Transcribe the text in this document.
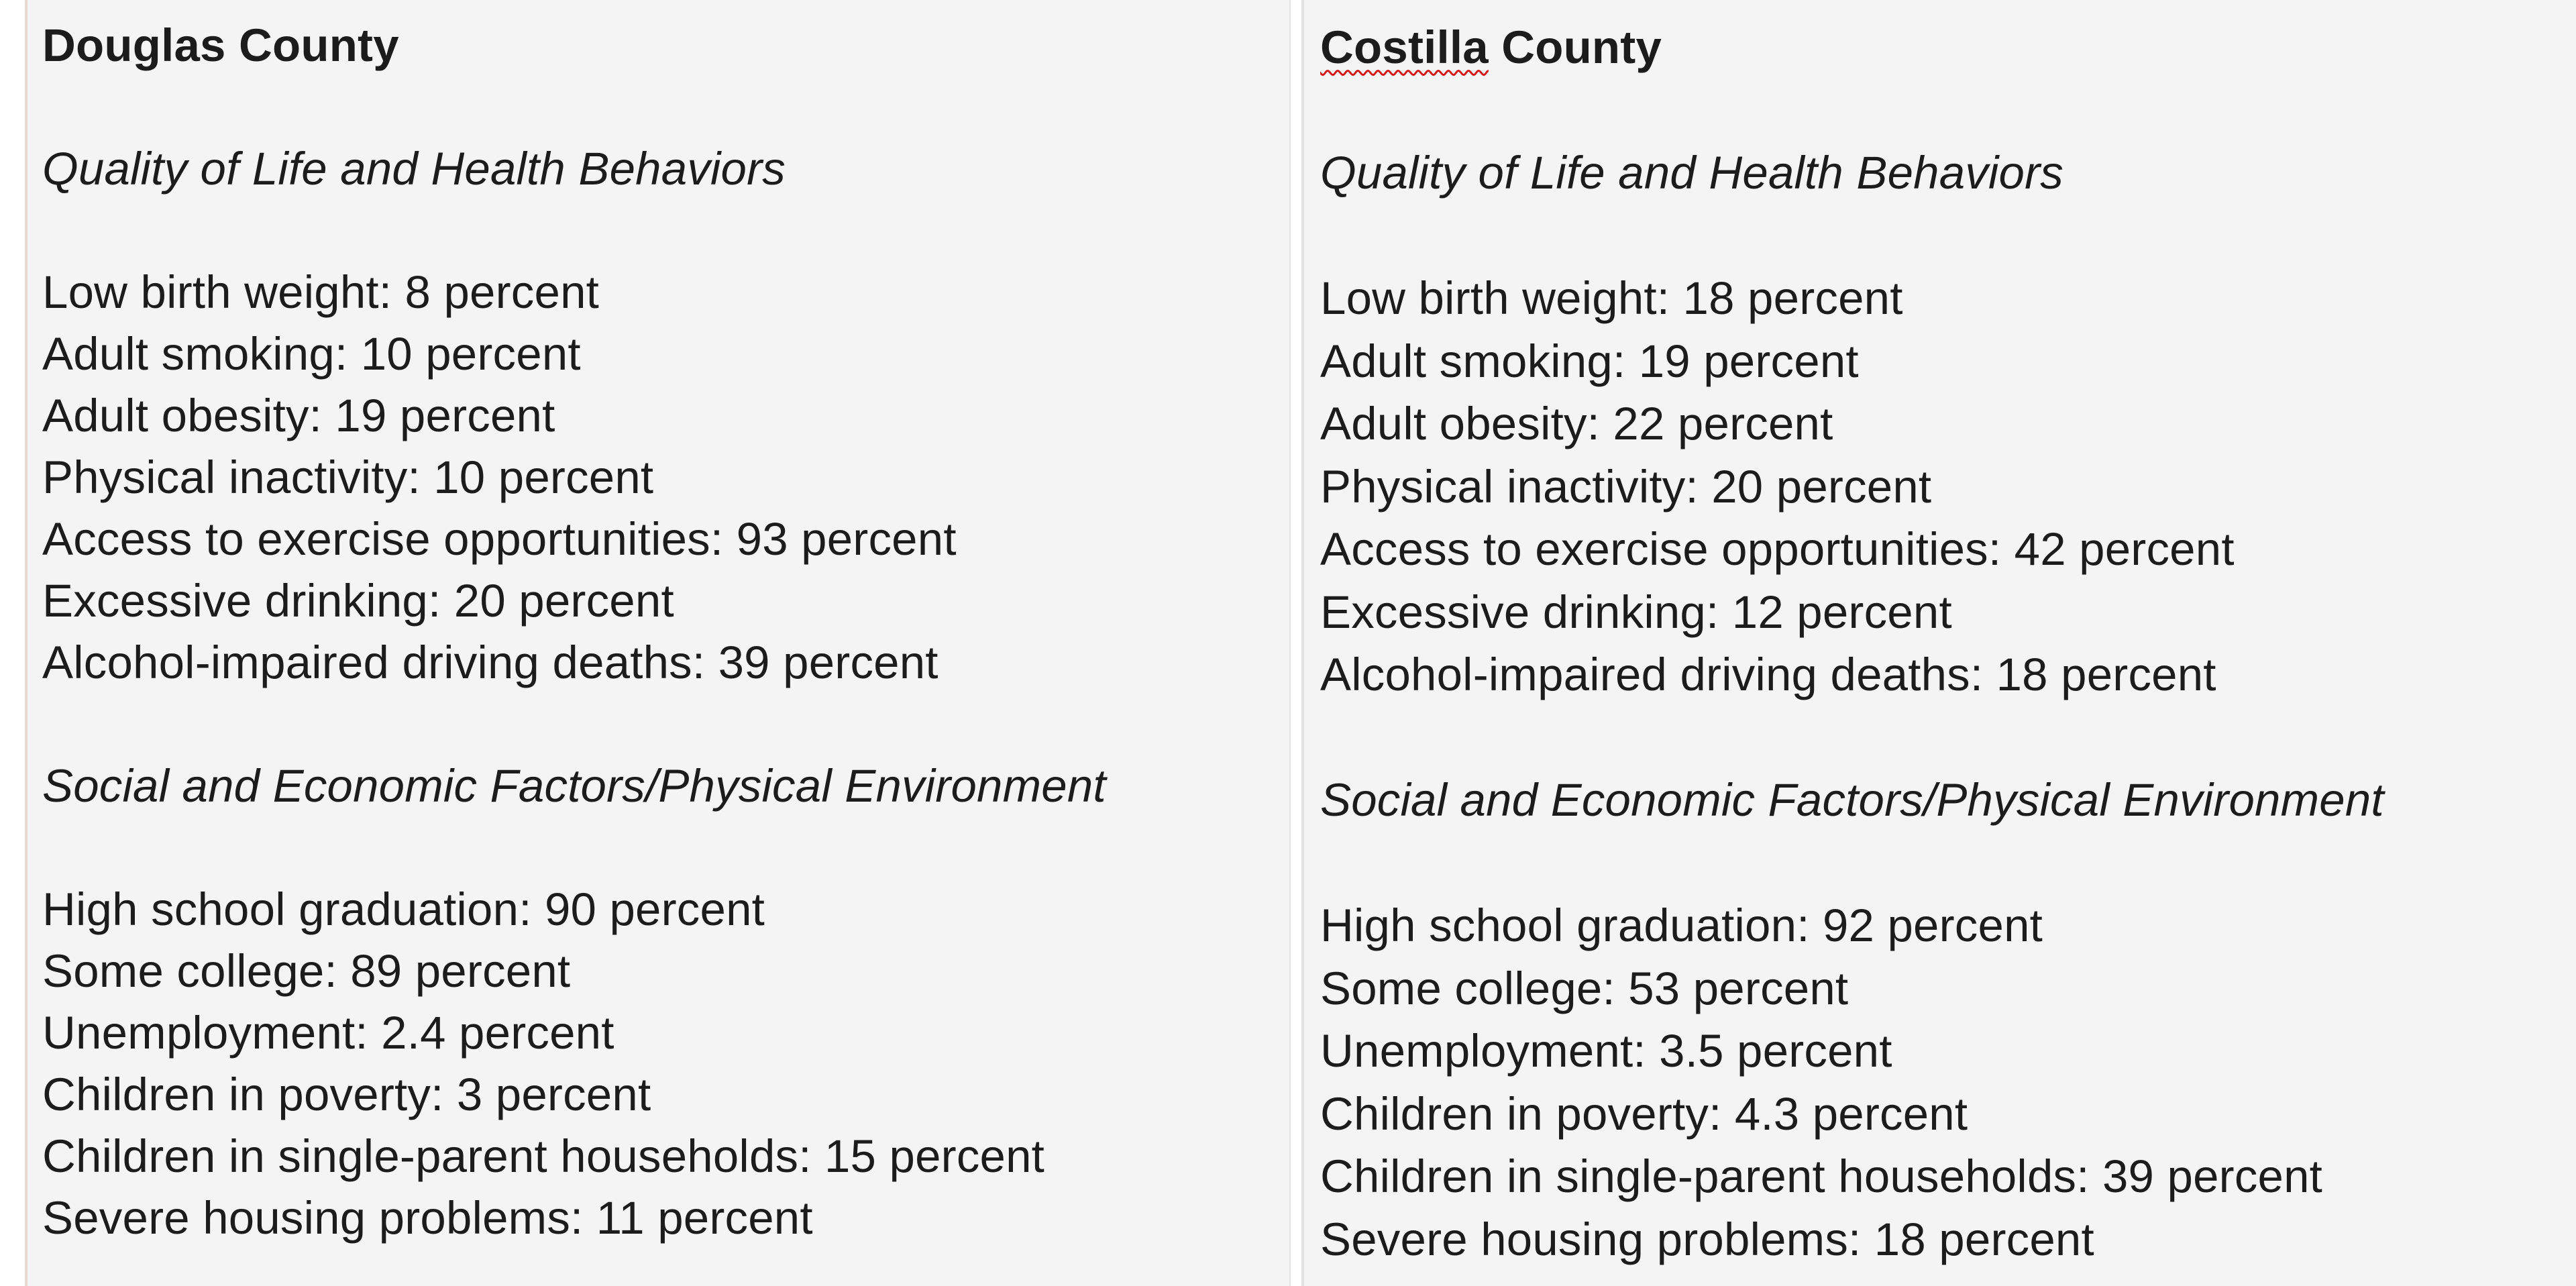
Douglas County
Quality of Life and Health Behaviors
Low birth weight: 8 percent
Adult smoking: 10 percent
Adult obesity: 19 percent
Physical inactivity: 10 percent
Access to exercise opportunities: 93 percent
Excessive drinking: 20 percent
Alcohol-impaired driving deaths: 39 percent
Social and Economic Factors/Physical Environment
High school graduation: 90 percent
Some college: 89 percent
Unemployment: 2.4 percent
Children in poverty: 3 percent
Children in single-parent households: 15 percent
Severe housing problems: 11 percent
Costilla County
Quality of Life and Health Behaviors
Low birth weight: 18 percent
Adult smoking: 19 percent
Adult obesity: 22 percent
Physical inactivity: 20 percent
Access to exercise opportunities: 42 percent
Excessive drinking: 12 percent
Alcohol-impaired driving deaths: 18 percent
Social and Economic Factors/Physical Environment
High school graduation: 92 percent
Some college: 53 percent
Unemployment: 3.5 percent
Children in poverty: 4.3 percent
Children in single-parent households: 39 percent
Severe housing problems: 18 percent
